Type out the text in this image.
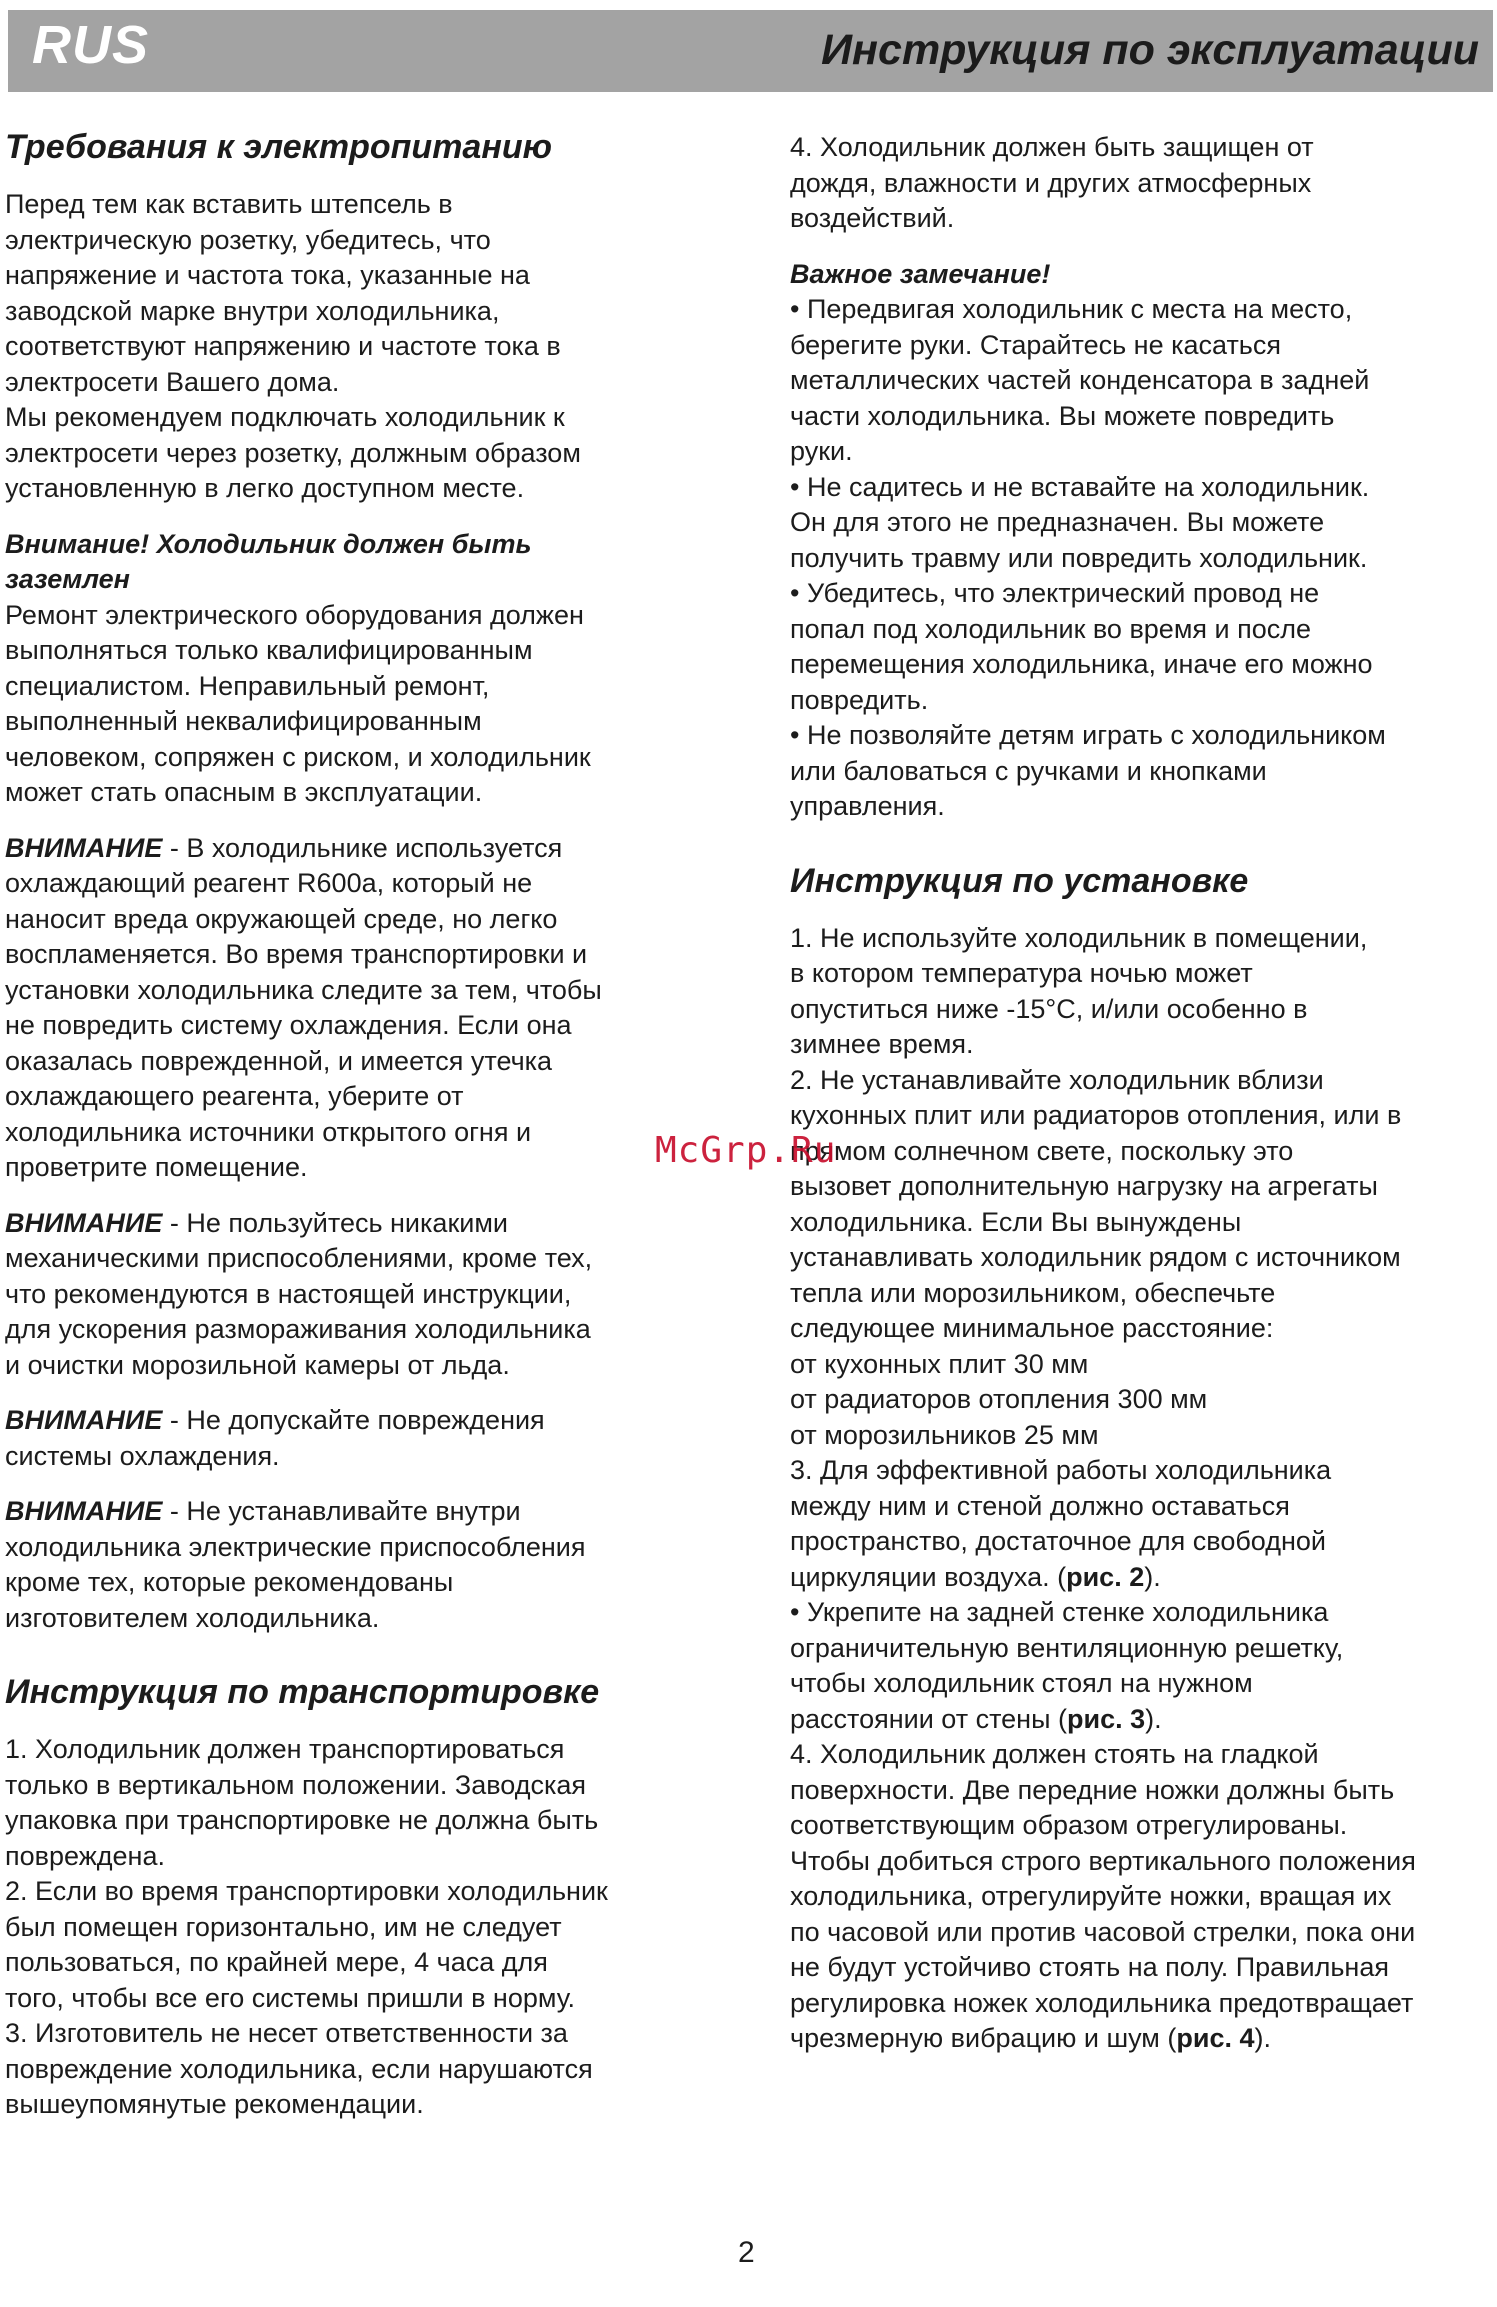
RUS	Инструкция по эксплуатации
Требования к электропитанию
Перед тем как вставить штепсель в
электрическую розетку, убедитесь, что
напряжение и частота тока, указанные на
заводской марке внутри холодильника,
соответствуют напряжению и частоте тока в
электросети Вашего дома.
Мы рекомендуем подключать холодильник к
электросети через розетку, должным образом
установленную в легко доступном месте.
Внимание! Холодильник должен быть
заземлен
Ремонт электрического оборудования должен
выполняться только квалифицированным
специалистом. Неправильный ремонт,
выполненный неквалифицированным
человеком, сопряжен с риском, и холодильник
может стать опасным в эксплуатации.
ВНИМАНИЕ - В холодильнике используется
охлаждающий реагент R600a, который не
наносит вреда окружающей среде, но легко
воспламеняется. Во время транспортировки и
установки холодильника следите за тем, чтобы
не повредить систему охлаждения. Если она
оказалась поврежденной, и имеется утечка
охлаждающего реагента, уберите от
холодильника источники открытого огня и
проветрите помещение.
ВНИМАНИЕ - Не пользуйтесь никакими
механическими приспособлениями, кроме тех,
что рекомендуются в настоящей инструкции,
для ускорения размораживания холодильника
и очистки морозильной камеры от льда.
ВНИМАНИЕ - Не допускайте повреждения
системы охлаждения.
ВНИМАНИЕ - Не устанавливайте внутри
холодильника электрические приспособления
кроме тех, которые рекомендованы
изготовителем холодильника.
Инструкция по транспортировке
1. Холодильник должен транспортироваться
только в вертикальном положении. Заводская
упаковка при транспортировке не должна быть
повреждена.
2. Если во время транспортировки холодильник
был помещен горизонтально, им не следует
пользоваться, по крайней мере, 4 часа для
того, чтобы все его системы пришли в норму.
3. Изготовитель не несет ответственности за
повреждение холодильника, если нарушаются
вышеупомянутые рекомендации.
4. Холодильник должен быть защищен от
дождя, влажности и других атмосферных
воздействий.
Важное замечание!
• Передвигая холодильник с места на место,
берегите руки. Старайтесь не касаться
металлических частей конденсатора в задней
части холодильника. Вы можете повредить
руки.
• Не садитесь и не вставайте на холодильник.
Он для этого не предназначен. Вы можете
получить травму или повредить холодильник.
• Убедитесь, что электрический провод не
попал под холодильник во время и после
перемещения холодильника, иначе его можно
повредить.
• Не позволяйте детям играть с холодильником
или баловаться с ручками и кнопками
управления.
Инструкция по установке
1. Не используйте холодильник в помещении,
в котором температура ночью может
опуститься ниже -15°С, и/или особенно в
зимнее время.
2. Не устанавливайте холодильник вблизи
кухонных плит или радиаторов отопления, или в
прямом солнечном свете, поскольку это
вызовет дополнительную нагрузку на агрегаты
холодильника. Если Вы вынуждены
устанавливать холодильник рядом с источником
тепла или морозильником, обеспечьте
следующее минимальное расстояние:
от кухонных плит 30 мм
от радиаторов отопления 300 мм
от морозильников 25 мм
3. Для эффективной работы холодильника
между ним и стеной должно оставаться
пространство, достаточное для свободной
циркуляции воздуха. (рис. 2).
• Укрепите на задней стенке холодильника
ограничительную вентиляционную решетку,
чтобы холодильник стоял на нужном
расстоянии от стены (рис. 3).
4. Холодильник должен стоять на гладкой
поверхности. Две передние ножки должны быть
соответствующим образом отрегулированы.
Чтобы добиться строго вертикального положения
холодильника, отрегулируйте ножки, вращая их
по часовой или против часовой стрелки, пока они
не будут устойчиво стоять на полу. Правильная
регулировка ножек холодильника предотвращает
чрезмерную вибрацию и шум (рис. 4).
McGrp.Ru
2
